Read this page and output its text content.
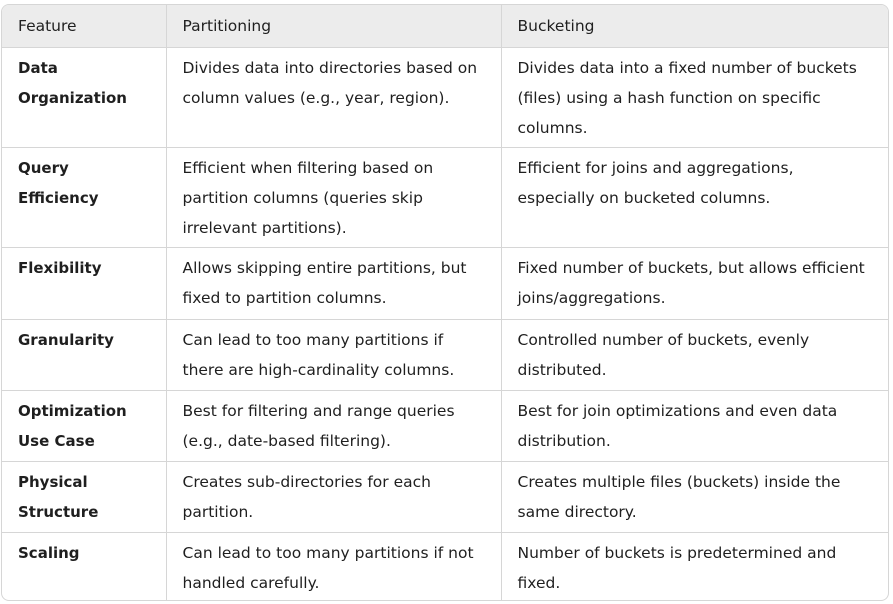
Feature	Partitioning	Bucketing
Data Organization	Divides data into directories based on column values (e.g., year, region).	Divides data into a fixed number of buckets (files) using a hash function on specific columns.
Query Efficiency	Efficient when filtering based on partition columns (queries skip irrelevant partitions).	Efficient for joins and aggregations, especially on bucketed columns.
Flexibility	Allows skipping entire partitions, but fixed to partition columns.	Fixed number of buckets, but allows efficient joins/aggregations.
Granularity	Can lead to too many partitions if there are high-cardinality columns.	Controlled number of buckets, evenly distributed.
Optimization Use Case	Best for filtering and range queries (e.g., date-based filtering).	Best for join optimizations and even data distribution.
Physical Structure	Creates sub-directories for each partition.	Creates multiple files (buckets) inside the same directory.
Scaling	Can lead to too many partitions if not handled carefully.	Number of buckets is predetermined and fixed.
